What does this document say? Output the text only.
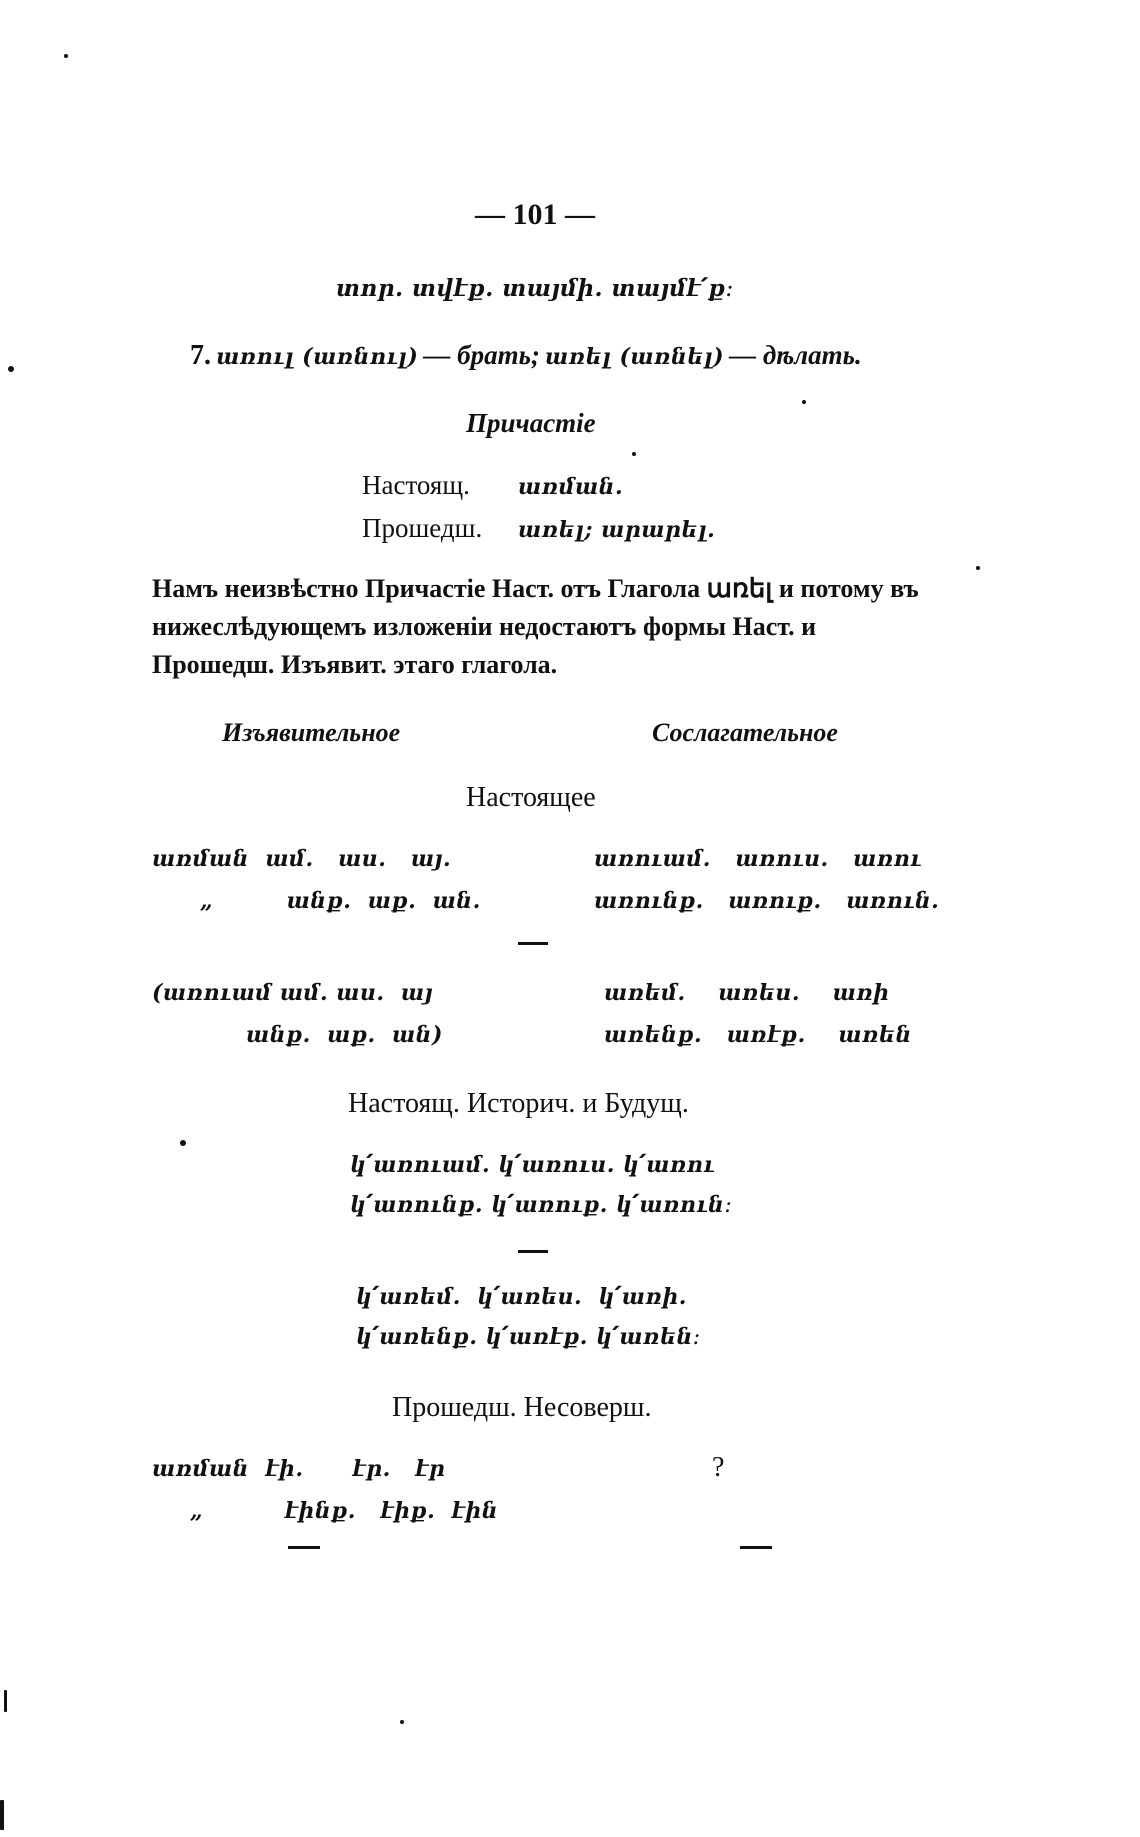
— 101 —
տոր. տվէք. տայմի. տայմէ՛ք։
7. առուլ (առնուլ) — брать; առել (առնել) — дѣлать.
Причастіе
Настоящ. առման.
Прошедш. առել; արարել.
Намъ неизвѣстно Причастіе Наст. отъ Глагола առել и потому въ нижеслѣдующемъ изложеніи недостаютъ формы Наст. и Прошедш. Изъявит. этаго глагола.
Изъявительное	Сослагательное
Настоящее
առման  ամ.   աս.   այ.
„         անք.  աք.  ան.
առուամ.   առուս.   առու
առունք.   առուք.   առուն.
(առուամ ամ. աս.  այ
անք.  աք.  ան)
առեմ.    առես.    առի
առենք.   առէք.    առեն
Настоящ. Историч. и Будущ.
կ՛առուամ. կ՛առուս. կ՛առու
կ՛առունք. կ՛առուք. կ՛առուն։
կ՛առեմ.  կ՛առես.  կ՛առի.
կ՛առենք. կ՛առէք. կ՛առեն։
Прошедш. Несоверш.
առման  էի.      էր.   էր
„          էինք.   էիք.  էին
?
